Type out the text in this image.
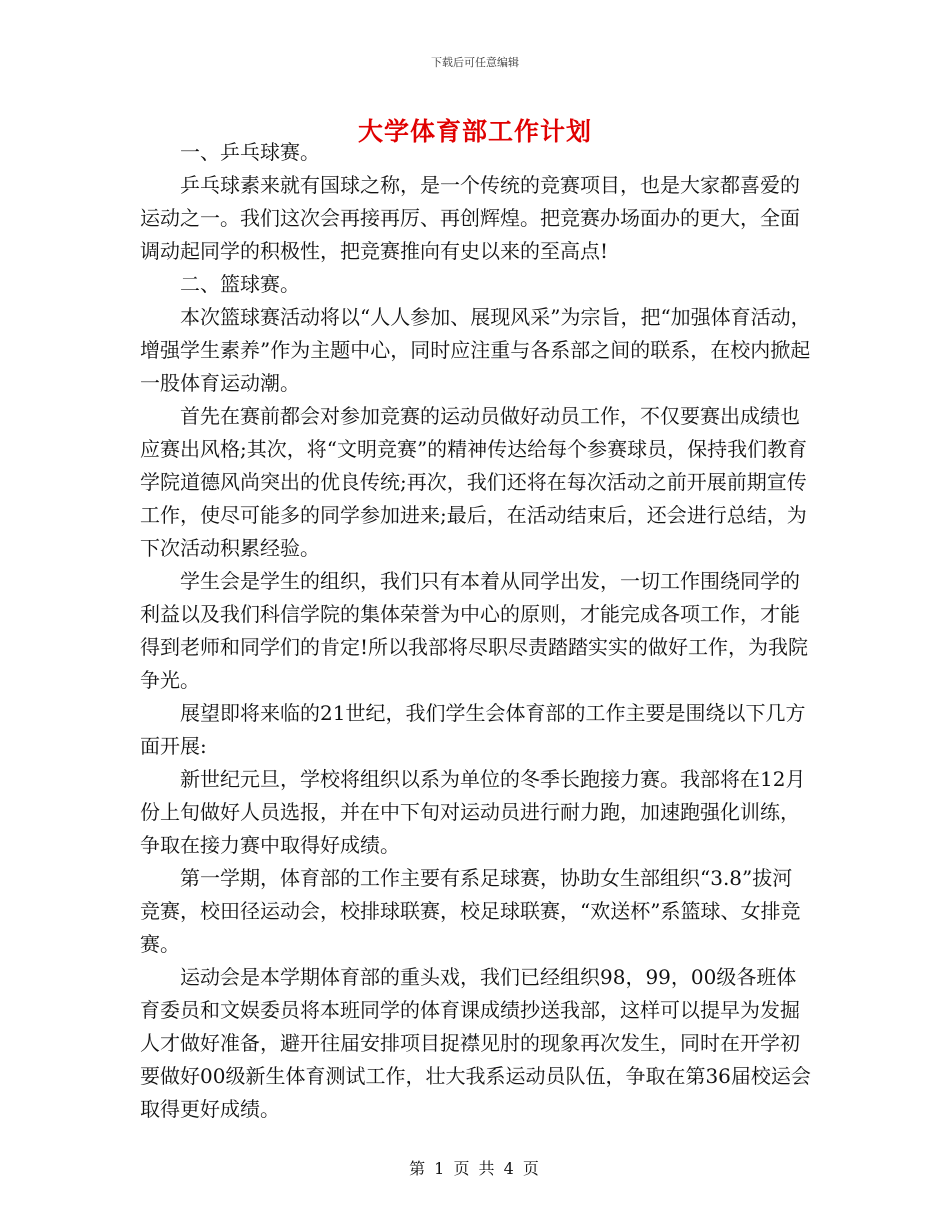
下载后可任意编辑
大学体育部工作计划

一、乒乓球赛。

乒乓球素来就有国球之称，是一个传统的竞赛项目，也是大家都喜爱的运动之一。我们这次会再接再厉、再创辉煌。把竞赛办场面办的更大，全面调动起同学的积极性，把竞赛推向有史以来的至高点!

二、篮球赛。

本次篮球赛活动将以“人人参加、展现风采”为宗旨，把“加强体育活动，增强学生素养”作为主题中心，同时应注重与各系部之间的联系，在校内掀起一股体育运动潮。

首先在赛前都会对参加竞赛的运动员做好动员工作，不仅要赛出成绩也应赛出风格;其次，将“文明竞赛”的精神传达给每个参赛球员，保持我们教育学院道德风尚突出的优良传统;再次，我们还将在每次活动之前开展前期宣传工作，使尽可能多的同学参加进来;最后，在活动结束后，还会进行总结，为下次活动积累经验。

学生会是学生的组织，我们只有本着从同学出发，一切工作围绕同学的利益以及我们科信学院的集体荣誉为中心的原则，才能完成各项工作，才能得到老师和同学们的肯定!所以我部将尽职尽责踏踏实实的做好工作，为我院争光。

展望即将来临的21世纪，我们学生会体育部的工作主要是围绕以下几方面开展:

新世纪元旦，学校将组织以系为单位的冬季长跑接力赛。我部将在12月份上旬做好人员选报，并在中下旬对运动员进行耐力跑，加速跑强化训练，争取在接力赛中取得好成绩。

第一学期，体育部的工作主要有系足球赛，协助女生部组织“3.8”拔河竞赛，校田径运动会，校排球联赛，校足球联赛，“欢送杯”系篮球、女排竞赛。

运动会是本学期体育部的重头戏，我们已经组织98，99，00级各班体育委员和文娱委员将本班同学的体育课成绩抄送我部，这样可以提早为发掘人才做好准备，避开往届安排项目捉襟见肘的现象再次发生，同时在开学初要做好00级新生体育测试工作，壮大我系运动员队伍，争取在第36届校运会取得更好成绩。

第 1 页 共 4 页
